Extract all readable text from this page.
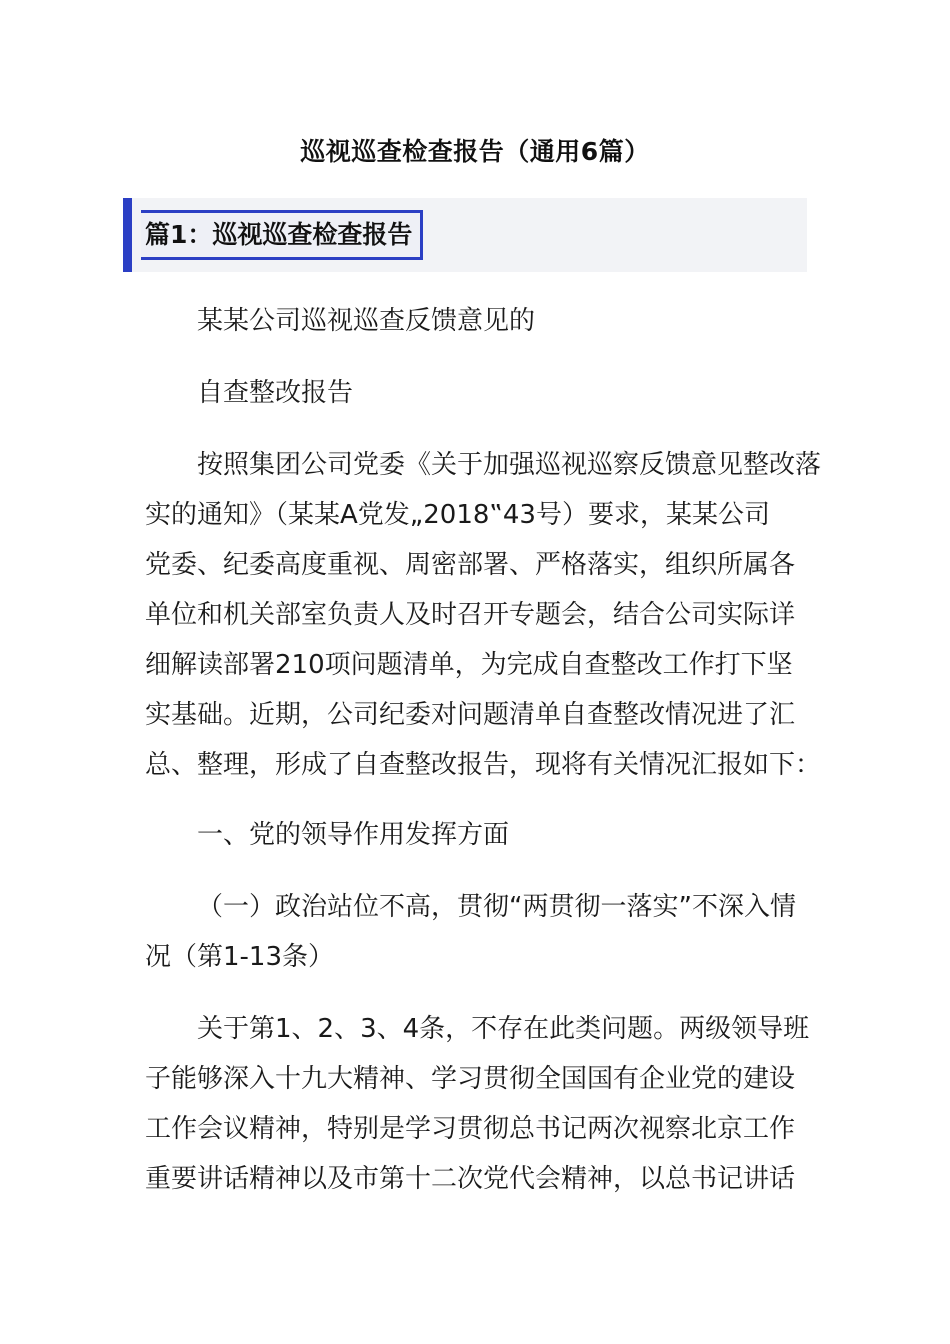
巡视巡查检查报告（通用6篇）
篇1：巡视巡查检查报告

某某公司巡视巡查反馈意见的

自查整改报告

按照集团公司党委《关于加强巡视巡察反馈意见整改落
实的通知》（某某A党发„2018‟43号）要求，某某公司
党委、纪委高度重视、周密部署、严格落实，组织所属各
单位和机关部室负责人及时召开专题会，结合公司实际详
细解读部署210项问题清单，为完成自查整改工作打下坚
实基础。近期，公司纪委对问题清单自查整改情况进了汇
总、整理，形成了自查整改报告，现将有关情况汇报如下：

一、党的领导作用发挥方面

（一）政治站位不高，贯彻“两贯彻一落实”不深入情
况（第1-13条）
关于第1、2、3、4条，不存在此类问题。两级领导班
子能够深入十九大精神、学习贯彻全国国有企业党的建设
工作会议精神，特别是学习贯彻总书记两次视察北京工作
重要讲话精神以及市第十二次党代会精神，以总书记讲话
